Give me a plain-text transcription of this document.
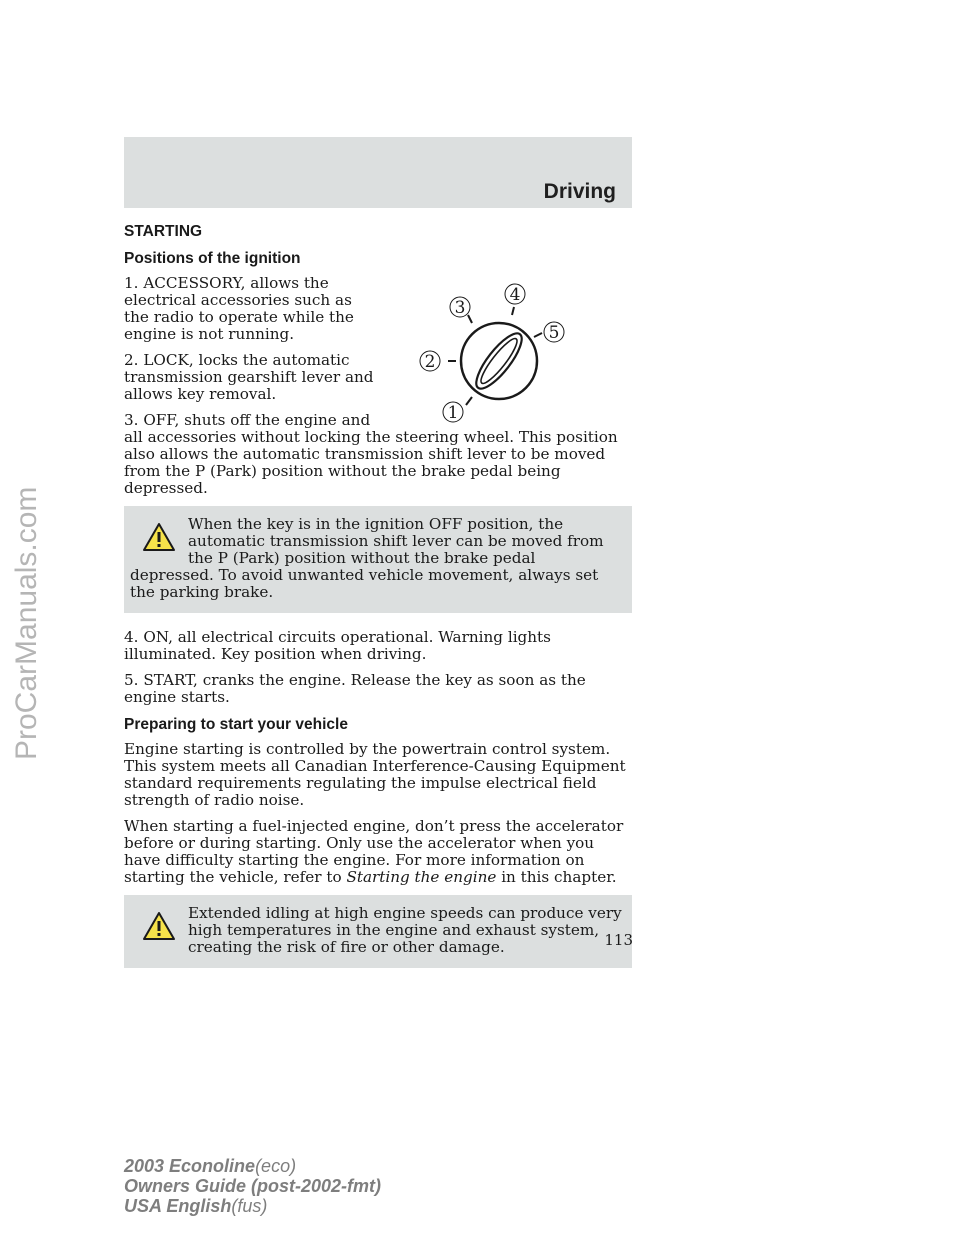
ProCarManuals.com
Driving
STARTING
Positions of the ignition
1
2
3
4
5

1. ACCESSORY, allows the electrical accessories such as the radio to operate while the engine is not running.

2. LOCK, locks the automatic transmission gearshift lever and allows key removal.

3. OFF, shuts off the engine and all accessories without locking the steering wheel. This position also allows the automatic transmission shift lever to be moved from the P (Park) position without the brake pedal being depressed.

When the key is in the ignition OFF position, the automatic transmission shift lever can be moved from the P (Park) position without the brake pedal depressed. To avoid unwanted vehicle movement, always set the parking brake.

4. ON, all electrical circuits operational. Warning lights illuminated. Key position when driving.

5. START, cranks the engine. Release the key as soon as the engine starts.

Preparing to start your vehicle

Engine starting is controlled by the powertrain control system. This system meets all Canadian Interference-Causing Equipment standard requirements regulating the impulse electrical field strength of radio noise.

When starting a fuel-injected engine, don’t press the accelerator before or during starting. Only use the accelerator when you have difficulty starting the engine. For more information on starting the vehicle, refer to Starting the engine in this chapter.

Extended idling at high engine speeds can produce very high temperatures in the engine and exhaust system, creating the risk of fire or other damage.	113
2003 Econoline(eco)
Owners Guide (post-2002-fmt)
USA English(fus)
